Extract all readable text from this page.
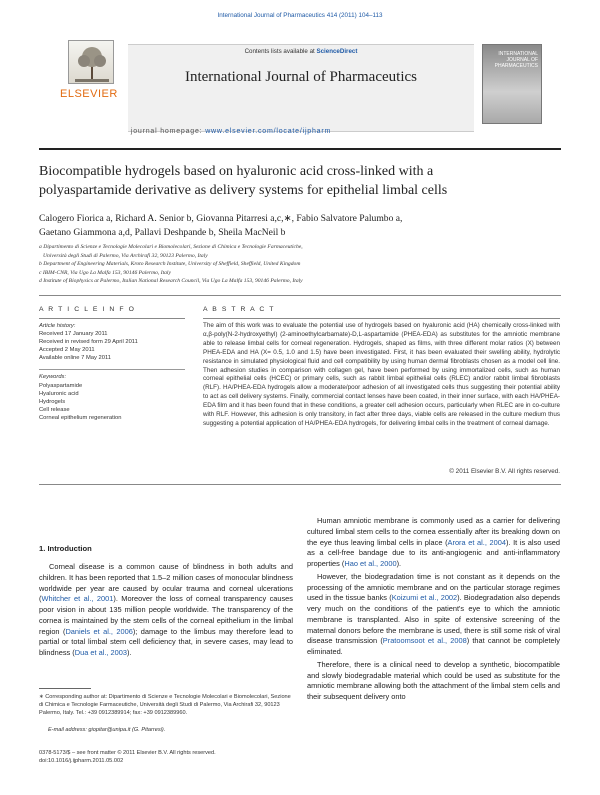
International Journal of Pharmaceutics 414 (2011) 104–113
ELSEVIER
Contents lists available at ScienceDirect
International Journal of Pharmaceutics
journal homepage: www.elsevier.com/locate/ijpharm
INTERNATIONAL JOURNAL OF PHARMACEUTICS
Biocompatible hydrogels based on hyaluronic acid cross-linked with a
polyaspartamide derivative as delivery systems for epithelial limbal cells
Calogero Fiorica a, Richard A. Senior b, Giovanna Pitarresi a,c,∗, Fabio Salvatore Palumbo a,
Gaetano Giammona a,d, Pallavi Deshpande b, Sheila MacNeil b
a Dipartimento di Scienze e Tecnologie Molecolari e Biomolecolari, Sezione di Chimica e Tecnologie Farmaceutiche,
Università degli Studi di Palermo, Via Archirafi 32, 90123 Palermo, Italy
b Department of Engineering Materials, Kroto Research Institute, University of Sheffield, Sheffield, United Kingdom
c IBIM-CNR, Via Ugo La Malfa 153, 90146 Palermo, Italy
d Institute of Biophysics at Palermo, Italian National Research Council, Via Ugo La Malfa 153, 90146 Palermo, Italy
A R T I C L E I N F O	A B S T R A C T
Article history:
Received 17 January 2011
Received in revised form 29 April 2011
Accepted 2 May 2011
Available online 7 May 2011
Keywords:
Polyaspartamide
Hyaluronic acid
Hydrogels
Cell release
Corneal epithelium regeneration
The aim of this work was to evaluate the potential use of hydrogels based on hyaluronic acid (HA) chemically cross-linked with α,β-poly(N-2-hydroxyethyl) (2-aminoethylcarbamate)-D,L-aspartamide (PHEA-EDA) as substitutes for the amniotic membrane able to release limbal cells for corneal regeneration. Hydrogels, shaped as films, with three different molar ratios (X) between PHEA-EDA and HA (X= 0.5, 1.0 and 1.5) have been investigated. First, it has been evaluated their swelling ability, hydrolytic resistance in simulated physiological fluid and cell compatibility by using human dermal fibroblasts chosen as a model cell line. Then adhesion studies in comparison with collagen gel, have been performed by using immortalized cells, such as human corneal epithelial cells (HCEC) or primary cells, such as rabbit limbal epithelial cells (RLEC) and/or rabbit limbal fibroblasts (RLF). HA/PHEA-EDA hydrogels allow a moderate/poor adhesion of all investigated cells thus suggesting their potential ability to act as cell delivery systems. Finally, commercial contact lenses have been coated, in their inner surface, with each HA/PHEA-EDA film and it has been found that in these conditions, a greater cell adhesion occurs, particularly when RLEC are in co-culture with RLF. However, this adhesion is only transitory, in fact after three days, viable cells are released in the culture medium thus suggesting a potential application of HA/PHEA-EDA hydrogels, for delivering limbal cells in the treatment of corneal damage.
© 2011 Elsevier B.V. All rights reserved.
1. Introduction

Corneal disease is a common cause of blindness in both adults and children. It has been reported that 1.5–2 million cases of monocular blindness worldwide per year are caused by ocular trauma and corneal ulcerations (Whitcher et al., 2001). Moreover the loss of corneal transparency causes poor vision in about 135 million people worldwide. The transparency of the cornea is maintained by the stem cells of the corneal epithelium in the limbal region (Daniels et al., 2006); damage to the limbus may therefore lead to partial or total limbal stem cell deficiency that, in severe cases, may lead to blindness (Dua et al., 2003).

Human amniotic membrane is commonly used as a carrier for delivering cultured limbal stem cells to the cornea essentially after its breaking down on the eye thus leaving limbal cells in place (Arora et al., 2004). It is also used as a cell-free bandage due to its anti-angiogenic and anti-inflammatory properties (Hao et al., 2000).

However, the biodegradation time is not constant as it depends on the processing of the amniotic membrane and on the particular storage regimes used in the tissue banks (Koizumi et al., 2002). Biodegradation also depends very much on the conditions of the patient's eye to which the amniotic membrane is transplanted. Also in spite of extensive screening of the maternal donors before the membrane is used, there is still some risk of viral disease transmission (Pratoomsoot et al., 2008) that cannot be completely eliminated.

Therefore, there is a clinical need to develop a synthetic, biocompatible and slowly biodegradable material which could be used as substitute for the amniotic membrane allowing both the attachment of the limbal stem cells and their subsequent delivery onto

∗ Corresponding author at: Dipartimento di Scienze e Tecnologie Molecolari e Biomolecolari, Sezione di Chimica e Tecnologie Farmaceutiche, Università degli Studi di Palermo, Via Archirafi 32, 90123 Palermo, Italy. Tel.: +39 0912389914; fax: +39 0912389960.
E-mail address: giopitar@unipa.it (G. Pitarresi).
0378-5173/$ – see front matter © 2011 Elsevier B.V. All rights reserved.
doi:10.1016/j.ijpharm.2011.05.002
